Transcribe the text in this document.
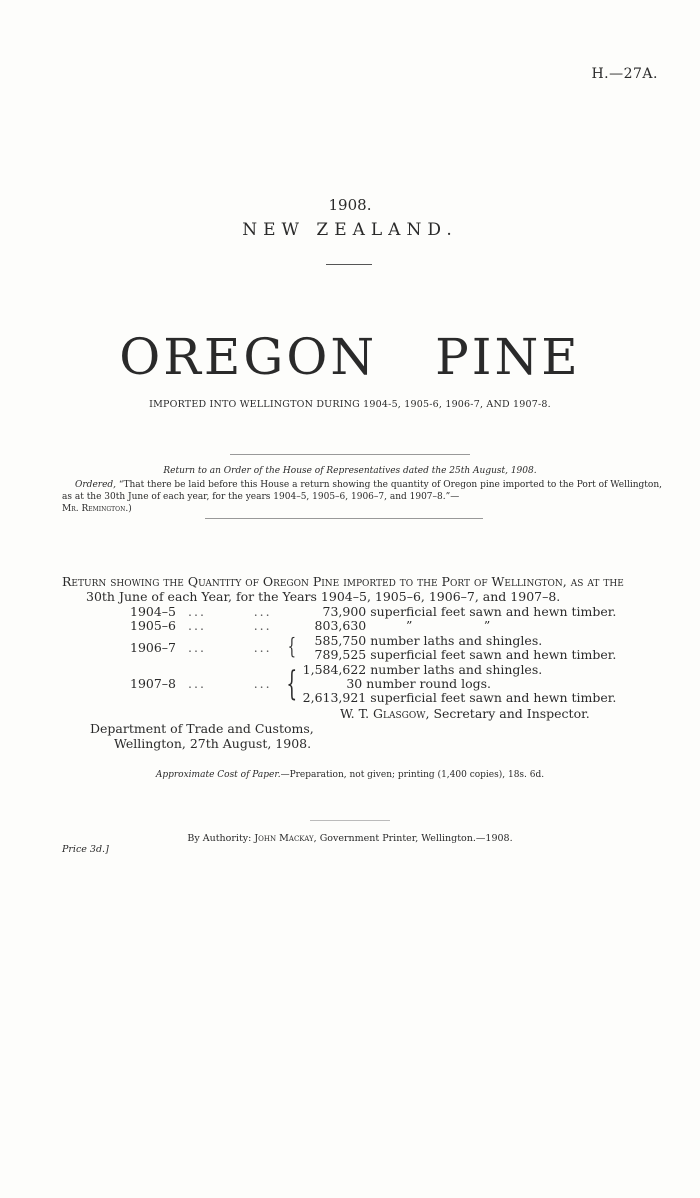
H.—27A.
1908.
NEW ZEALAND.
OREGON PINE
IMPORTED INTO WELLINGTON DURING 1904-5, 1905-6, 1906-7, AND 1907-8.
Return to an Order of the House of Representatives dated the 25th August, 1908.

Ordered, “That there be laid before this House a return showing the quantity of Oregon pine imported to the Port of Wellington, as at the 30th June of each year, for the years 1904–5, 1905–6, 1906–7, and 1907–8.”—

Mr. Remington.)

Return showing the Quantity of Oregon Pine imported to the Port of Wellington, as at the

30th June of each Year, for the Years 1904–5, 1905–6, 1906–7, and 1907–8.

1904–5	...        ...		73,900 superficial feet sawn and hewn timber.
1905–6	...        ...		803,630          ”                  ”
1906–7	...        ...	{	585,750 number laths and shingles.
			789,525 superficial feet sawn and hewn timber.
1907–8	...        ...	{	1,584,622 number laths and shingles.
			30 number round logs.
			2,613,921 superficial feet sawn and hewn timber.
W. T. Glasgow, Secretary and Inspector.
Department of Trade and Customs,
Wellington, 27th August, 1908.
Approximate Cost of Paper.—Preparation, not given; printing (1,400 copies), 18s. 6d.
By Authority: John Mackay, Government Printer, Wellington.—1908.
Price 3d.]
